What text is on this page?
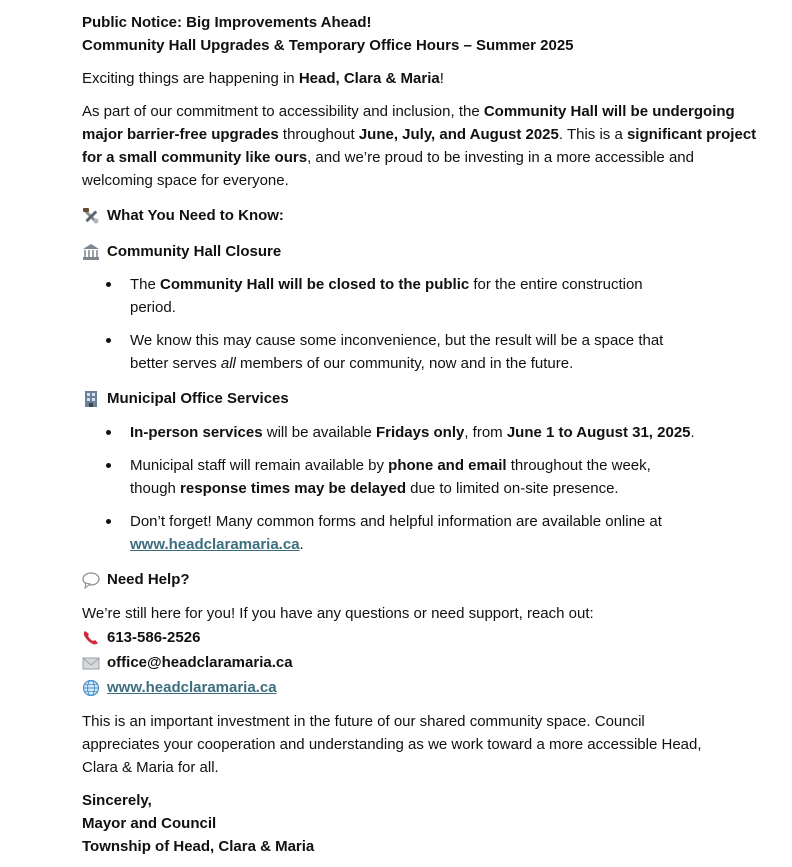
Public Notice: Big Improvements Ahead!

Community Hall Upgrades & Temporary Office Hours – Summer 2025

Exciting things are happening in Head, Clara & Maria!

As part of our commitment to accessibility and inclusion, the Community Hall will be undergoing major barrier-free upgrades throughout June, July, and August 2025. This is a significant project for a small community like ours, and we’re proud to be investing in a more accessible and welcoming space for everyone.

What You Need to Know:
Community Hall Closure
The Community Hall will be closed to the public for the entire construction period.
We know this may cause some inconvenience, but the result will be a space that better serves all members of our community, now and in the future.
Municipal Office Services
In-person services will be available Fridays only, from June 1 to August 31, 2025.
Municipal staff will remain available by phone and email throughout the week, though response times may be delayed due to limited on-site presence.
Don’t forget! Many common forms and helpful information are available online at www.headclaramaria.ca.
Need Help?

We’re still here for you! If you have any questions or need support, reach out:

613-586-2526
office@headclaramaria.ca
www.headclaramaria.ca

This is an important investment in the future of our shared community space. Council appreciates your cooperation and understanding as we work toward a more accessible Head, Clara & Maria for all.

Sincerely,

Mayor and Council

Township of Head, Clara & Maria
